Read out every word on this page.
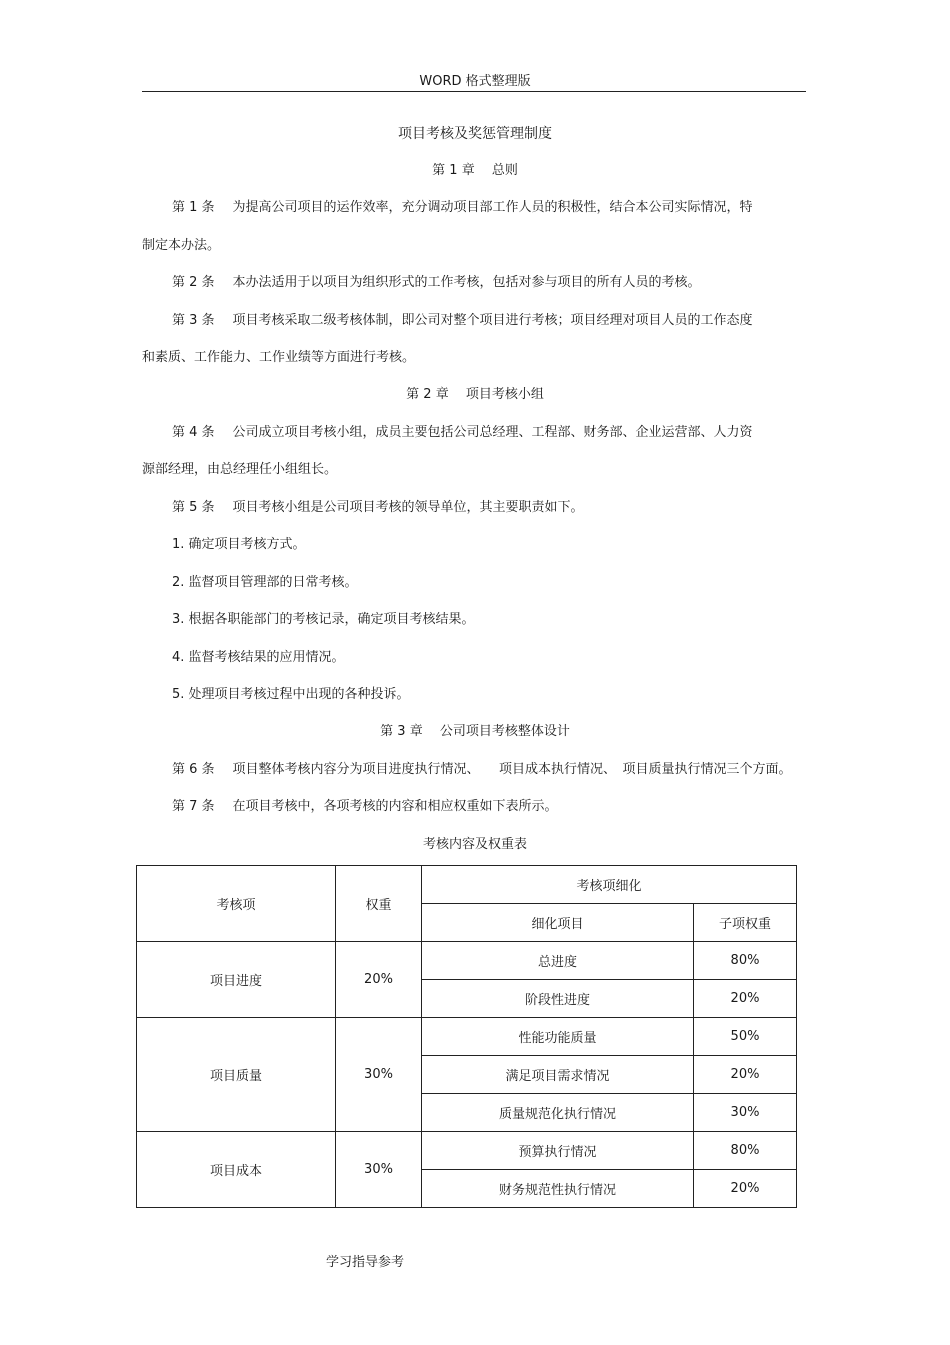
WORD 格式整理版
项目考核及奖惩管理制度
第 1 章　 总则
第 1 条 为提高公司项目的运作效率，充分调动项目部工作人员的积极性，结合本公司实际情况，特
制定本办法。
第 2 条 本办法适用于以项目为组织形式的工作考核，包括对参与项目的所有人员的考核。
第 3 条 项目考核采取二级考核体制，即公司对整个项目进行考核；项目经理对项目人员的工作态度
和素质、工作能力、工作业绩等方面进行考核。
第 2 章　 项目考核小组
第 4 条 公司成立项目考核小组，成员主要包括公司总经理、工程部、财务部、企业运营部、人力资
源部经理，由总经理任小组组长。
第 5 条 项目考核小组是公司项目考核的领导单位，其主要职责如下。
1. 确定项目考核方式。
2. 监督项目管理部的日常考核。
3. 根据各职能部门的考核记录，确定项目考核结果。
4. 监督考核结果的应用情况。
5. 处理项目考核过程中出现的各种投诉。
第 3 章　 公司项目考核整体设计
第 6 条 项目整体考核内容分为项目进度执行情况、　　项目成本执行情况、　项目质量执行情况三个方面。
第 7 条 在项目考核中，各项考核的内容和相应权重如下表所示。
考核内容及权重表
考核项	权重	考核项细化	
		细化项目	子项权重
项目进度	20%	总进度	80%
		阶段性进度	20%
项目质量	30%	性能功能质量	50%
		满足项目需求情况	20%
		质量规范化执行情况	30%
项目成本	30%	预算执行情况	80%
		财务规范性执行情况	20%
学习指导参考
